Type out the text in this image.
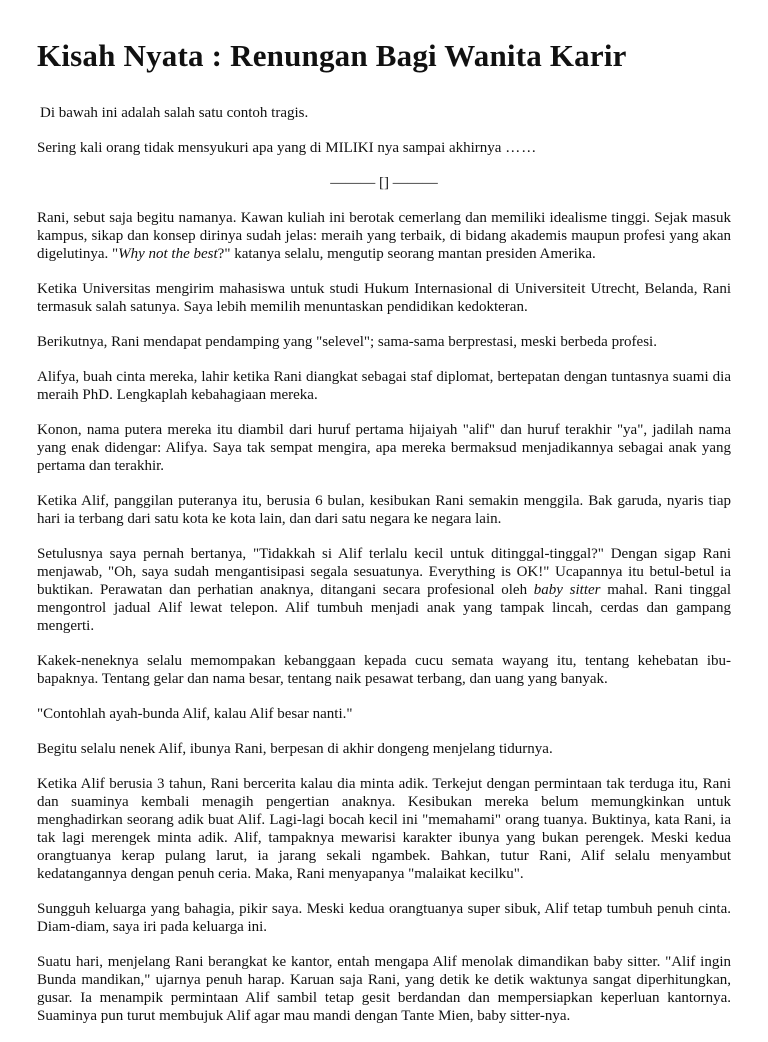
Kisah Nyata : Renungan Bagi Wanita Karir

Di bawah ini adalah salah satu contoh tragis.

Sering kali orang tidak mensyukuri apa yang di MILIKI nya sampai akhirnya ……

——— [] ———

Rani, sebut saja begitu namanya. Kawan kuliah ini berotak cemerlang dan memiliki idealisme tinggi. Sejak masuk kampus, sikap dan konsep dirinya sudah jelas: meraih yang terbaik, di bidang akademis maupun profesi yang akan digelutinya. "Why not the best?" katanya selalu, mengutip seorang mantan presiden Amerika.

Ketika Universitas mengirim mahasiswa untuk studi Hukum Internasional di Universiteit Utrecht, Belanda, Rani termasuk salah satunya. Saya lebih memilih menuntaskan pendidikan kedokteran.

Berikutnya, Rani mendapat pendamping yang "selevel"; sama-sama berprestasi, meski berbeda profesi.

Alifya, buah cinta mereka, lahir ketika Rani diangkat sebagai staf diplomat, bertepatan dengan tuntasnya suami dia meraih PhD. Lengkaplah kebahagiaan mereka.

Konon, nama putera mereka itu diambil dari huruf pertama hijaiyah "alif" dan huruf terakhir "ya", jadilah nama yang enak didengar: Alifya. Saya tak sempat mengira, apa mereka bermaksud menjadikannya sebagai anak yang pertama dan terakhir.

Ketika Alif, panggilan puteranya itu, berusia 6 bulan, kesibukan Rani semakin menggila. Bak garuda, nyaris tiap hari ia terbang dari satu kota ke kota lain, dan dari satu negara ke negara lain.

Setulusnya saya pernah bertanya, "Tidakkah si Alif terlalu kecil untuk ditinggal-tinggal?" Dengan sigap Rani menjawab, "Oh, saya sudah mengantisipasi segala sesuatunya. Everything is OK!" Ucapannya itu betul-betul ia buktikan. Perawatan dan perhatian anaknya, ditangani secara profesional oleh baby sitter mahal. Rani tinggal mengontrol jadual Alif lewat telepon. Alif tumbuh menjadi anak yang tampak lincah, cerdas dan gampang mengerti.

Kakek-neneknya selalu memompakan kebanggaan kepada cucu semata wayang itu, tentang kehebatan ibu-bapaknya. Tentang gelar dan nama besar, tentang naik pesawat terbang, dan uang yang banyak.

"Contohlah ayah-bunda Alif, kalau Alif besar nanti."

Begitu selalu nenek Alif, ibunya Rani, berpesan di akhir dongeng menjelang tidurnya.

Ketika Alif berusia 3 tahun, Rani bercerita kalau dia minta adik. Terkejut dengan permintaan tak terduga itu, Rani dan suaminya kembali menagih pengertian anaknya. Kesibukan mereka belum memungkinkan untuk menghadirkan seorang adik buat Alif. Lagi-lagi bocah kecil ini "memahami" orang tuanya. Buktinya, kata Rani, ia tak lagi merengek minta adik. Alif, tampaknya mewarisi karakter ibunya yang bukan perengek. Meski kedua orangtuanya kerap pulang larut, ia jarang sekali ngambek. Bahkan, tutur Rani, Alif selalu menyambut kedatangannya dengan penuh ceria. Maka, Rani menyapanya "malaikat kecilku".

Sungguh keluarga yang bahagia, pikir saya. Meski kedua orangtuanya super sibuk, Alif tetap tumbuh penuh cinta. Diam-diam, saya iri pada keluarga ini.

Suatu hari, menjelang Rani berangkat ke kantor, entah mengapa Alif menolak dimandikan baby sitter. "Alif ingin Bunda mandikan," ujarnya penuh harap. Karuan saja Rani, yang detik ke detik waktunya sangat diperhitungkan, gusar. Ia menampik permintaan Alif sambil tetap gesit berdandan dan mempersiapkan keperluan kantornya. Suaminya pun turut membujuk Alif agar mau mandi dengan Tante Mien, baby sitter-nya.
